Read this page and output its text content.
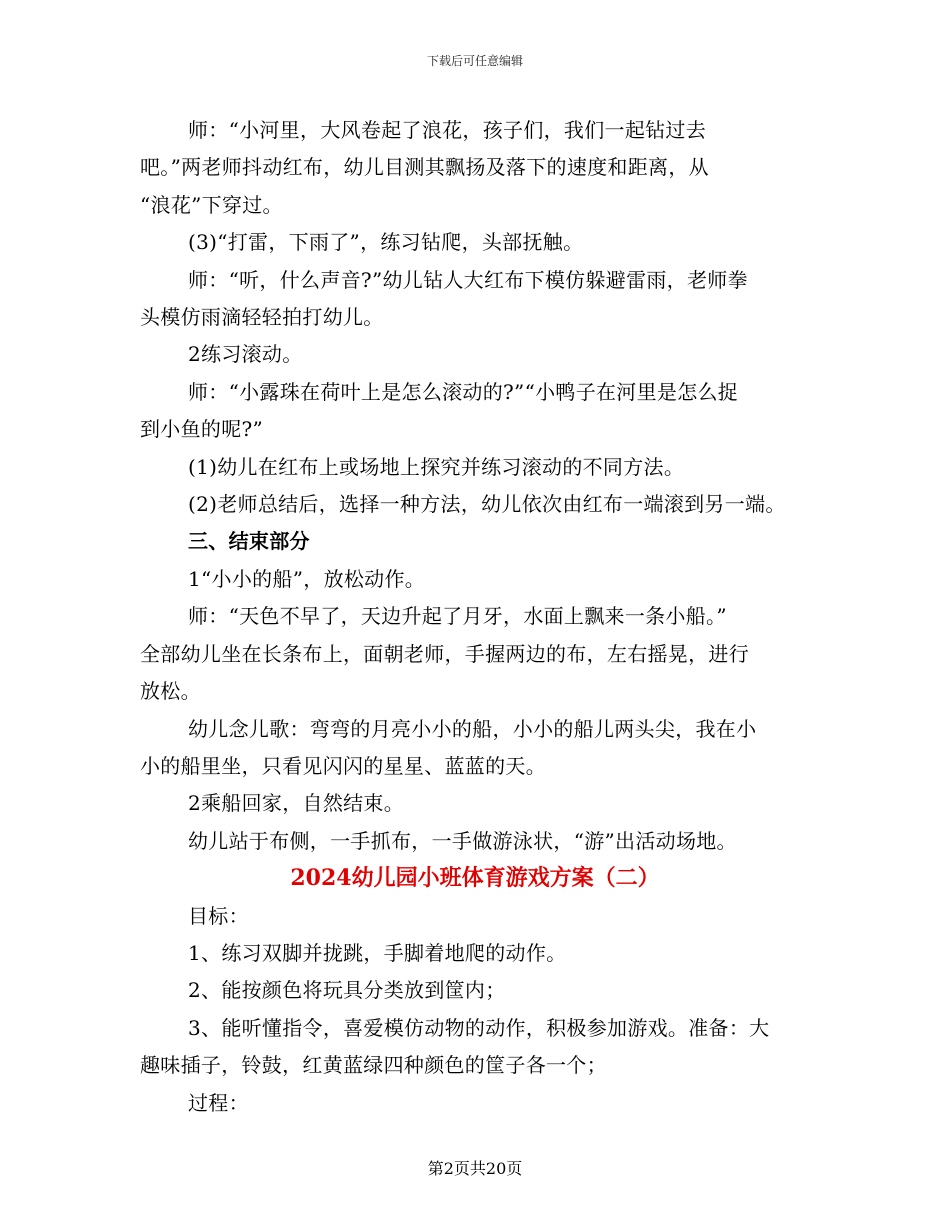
下载后可任意编辑

师：“小河里，大风卷起了浪花，孩子们，我们一起钻过去

吧。”两老师抖动红布，幼儿目测其飘扬及落下的速度和距离，从

“浪花”下穿过。

(3)“打雷，下雨了”，练习钻爬，头部抚触。

师：“听，什么声音?”幼儿钻人大红布下模仿躲避雷雨，老师拳

头模仿雨滴轻轻拍打幼儿。

2练习滚动。

师：“小露珠在荷叶上是怎么滚动的?”“小鸭子在河里是怎么捉

到小鱼的呢?”

(1)幼儿在红布上或场地上探究并练习滚动的不同方法。

(2)老师总结后，选择一种方法，幼儿依次由红布一端滚到另一端。

三、结束部分

1“小小的船”，放松动作。

师：“天色不早了，天边升起了月牙，水面上飘来一条小船。”

全部幼儿坐在长条布上，面朝老师，手握两边的布，左右摇晃，进行

放松。

幼儿念儿歌：弯弯的月亮小小的船，小小的船儿两头尖，我在小

小的船里坐，只看见闪闪的星星、蓝蓝的天。

2乘船回家，自然结束。

幼儿站于布侧，一手抓布，一手做游泳状，“游”出活动场地。

2024幼儿园小班体育游戏方案（二）

目标：

1、练习双脚并拢跳，手脚着地爬的动作。

2、能按颜色将玩具分类放到筐内；

3、能听懂指令，喜爱模仿动物的动作，积极参加游戏。准备：大

趣味插子，铃鼓，红黄蓝绿四种颜色的筐子各一个；

过程：

第2页共20页
